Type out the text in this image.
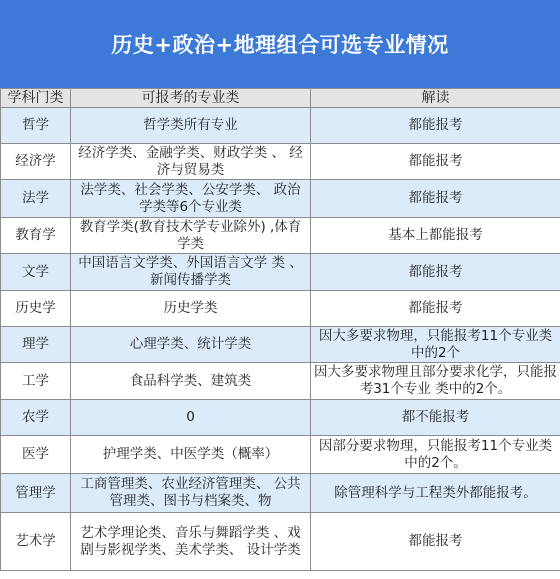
历史+政治+地理组合可选专业情况
学科门类	可报考的专业类	解读
哲学	哲学类所有专业	都能报考
经济学	经济学类、金融学类、财政学类 、 经济与贸易类	都能报考
法学	法学类、社会学类、公安学类、 政治学类等6个专业类	都能报考
教育学	教育学类(教育技术学专业除外) ,体育学类	基本上都能报考
文学	中国语言文学类、外国语言文学 类 、新闻传播学类	都能报考
历史学	历史学类	都能报考
理学	心理学类、统计学类	因大多要求物理，只能报考11个专业类中的2个
工学	食品科学类、建筑类	因大多要求物理且部分要求化学，只能报考31个专业 类中的2个。
农学	0	都不能报考
医学	护理学类、中医学类（概率）	因部分要求物理，只能报考11个专业类中的2个。
管理学	工商管理类、农业经济管理类、 公共管理类、图书与档案类、物	除管理科学与工程类外都能报考。
艺术学	艺术学理论类、音乐与舞蹈学类 、戏剧与影视学类、美术学类、 设计学类	都能报考
